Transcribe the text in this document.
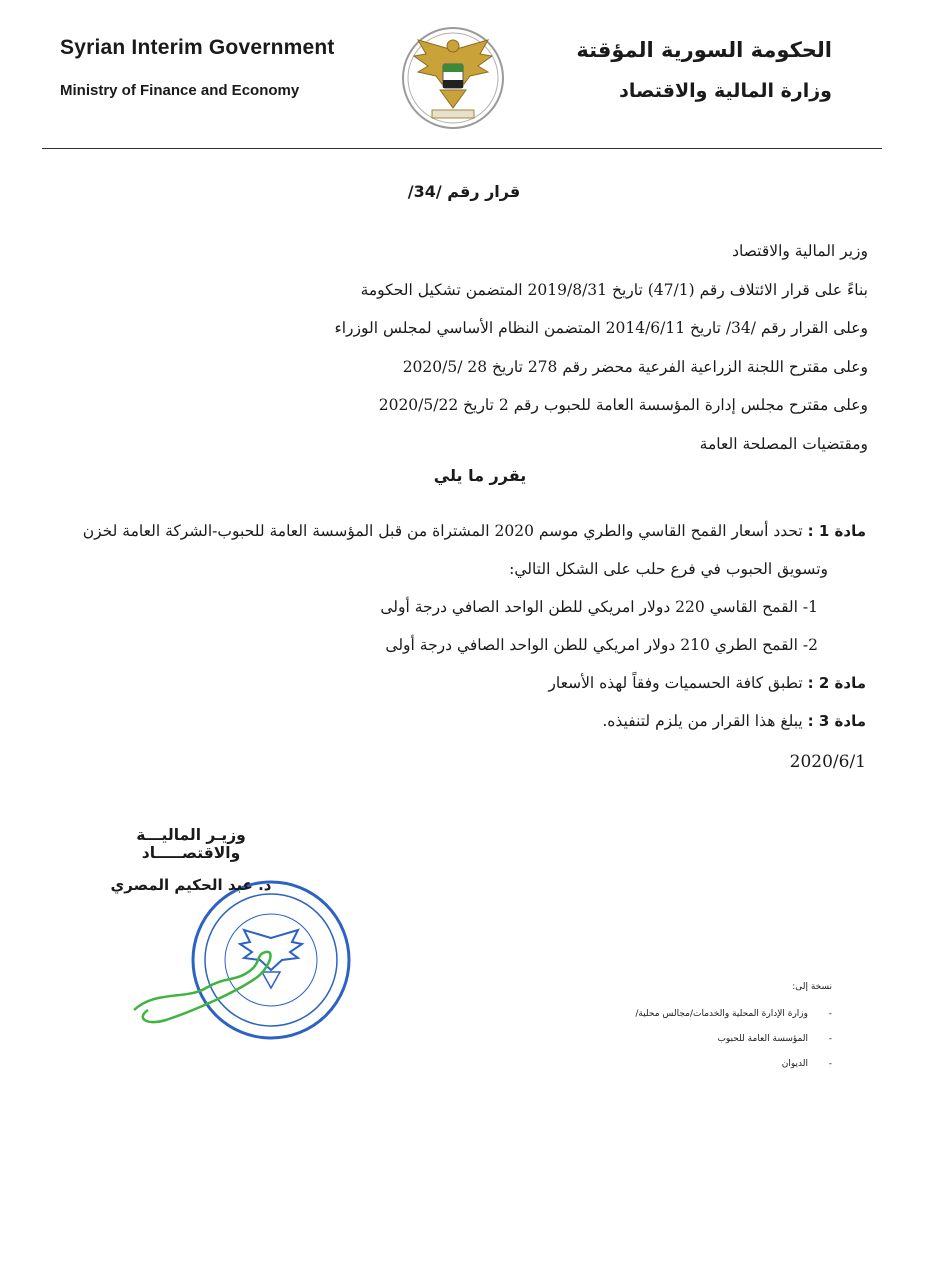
Syrian Interim Government
Ministry of Finance and Economy
الحكومة السورية المؤقتة
وزارة المالية والاقتصاد
قرار رقم /34/
وزير المالية والاقتصاد
بناءً على قرار الائتلاف رقم (47/1) تاريخ 2019/8/31 المتضمن تشكيل الحكومة
وعلى القرار رقم /34/ تاريخ 2014/6/11 المتضمن النظام الأساسي لمجلس الوزراء
وعلى مقترح اللجنة الزراعية الفرعية محضر رقم 278 تاريخ 28 /2020/5
وعلى مقترح مجلس إدارة المؤسسة العامة للحبوب رقم 2 تاريخ 2020/5/22
ومقتضيات المصلحة العامة
يقرر ما يلي
مادة 1 : تحدد أسعار القمح القاسي والطري موسم 2020 المشتراة من قبل المؤسسة العامة للحبوب-الشركة العامة لخزن
وتسويق الحبوب في فرع حلب على الشكل التالي:
1- القمح القاسي 220 دولار امريكي للطن الواحد الصافي درجة أولى
2- القمح الطري 210 دولار امريكي للطن الواحد الصافي درجة أولى
مادة 2 : تطبق كافة الحسميات وفقاً لهذه الأسعار
مادة 3 : يبلغ هذا القرار من يلزم لتنفيذه.
2020/6/1
وزيـر الماليـــة والاقتصـــــاد
د. عبد الحكيم المصري
نسخة إلى:
-وزارة الإدارة المحلية والخدمات/مجالس محلية/
-المؤسسة العامة للحبوب
-الديوان
